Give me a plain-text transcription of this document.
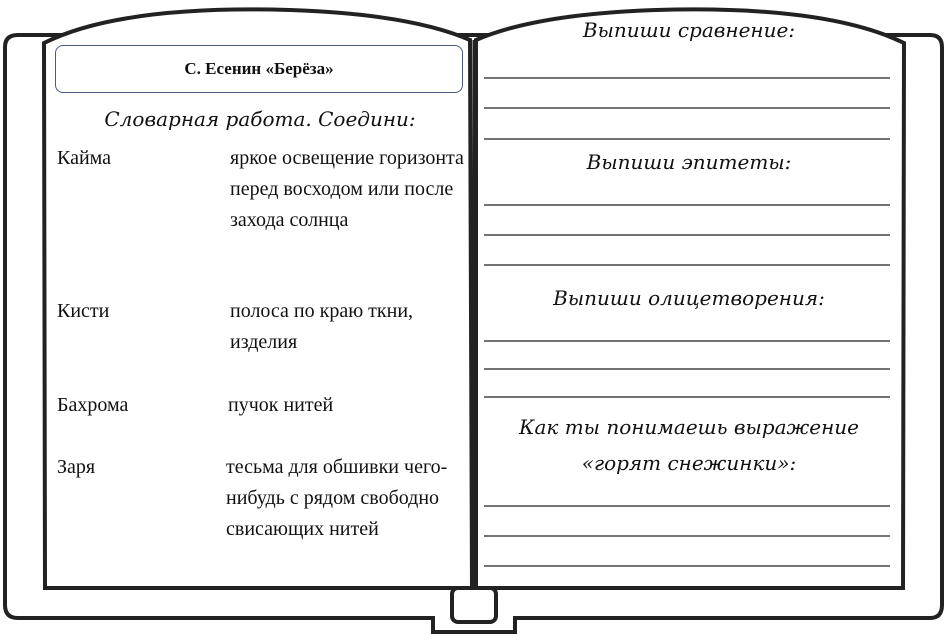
С. Есенин «Берёза»
Словарная работа. Соедини:
Кайма
Кисти
Бахрома
Заря
яркое освещение горизонта перед восходом или после захода солнца
полоса по краю ткни, изделия
пучок нитей
тесьма для обшивки чего-нибудь с рядом свободно свисающих нитей
Выпиши сравнение:
Выпиши эпитеты:
Выпиши олицетворения:
Как ты понимаешь выражение
«горят снежинки»:
